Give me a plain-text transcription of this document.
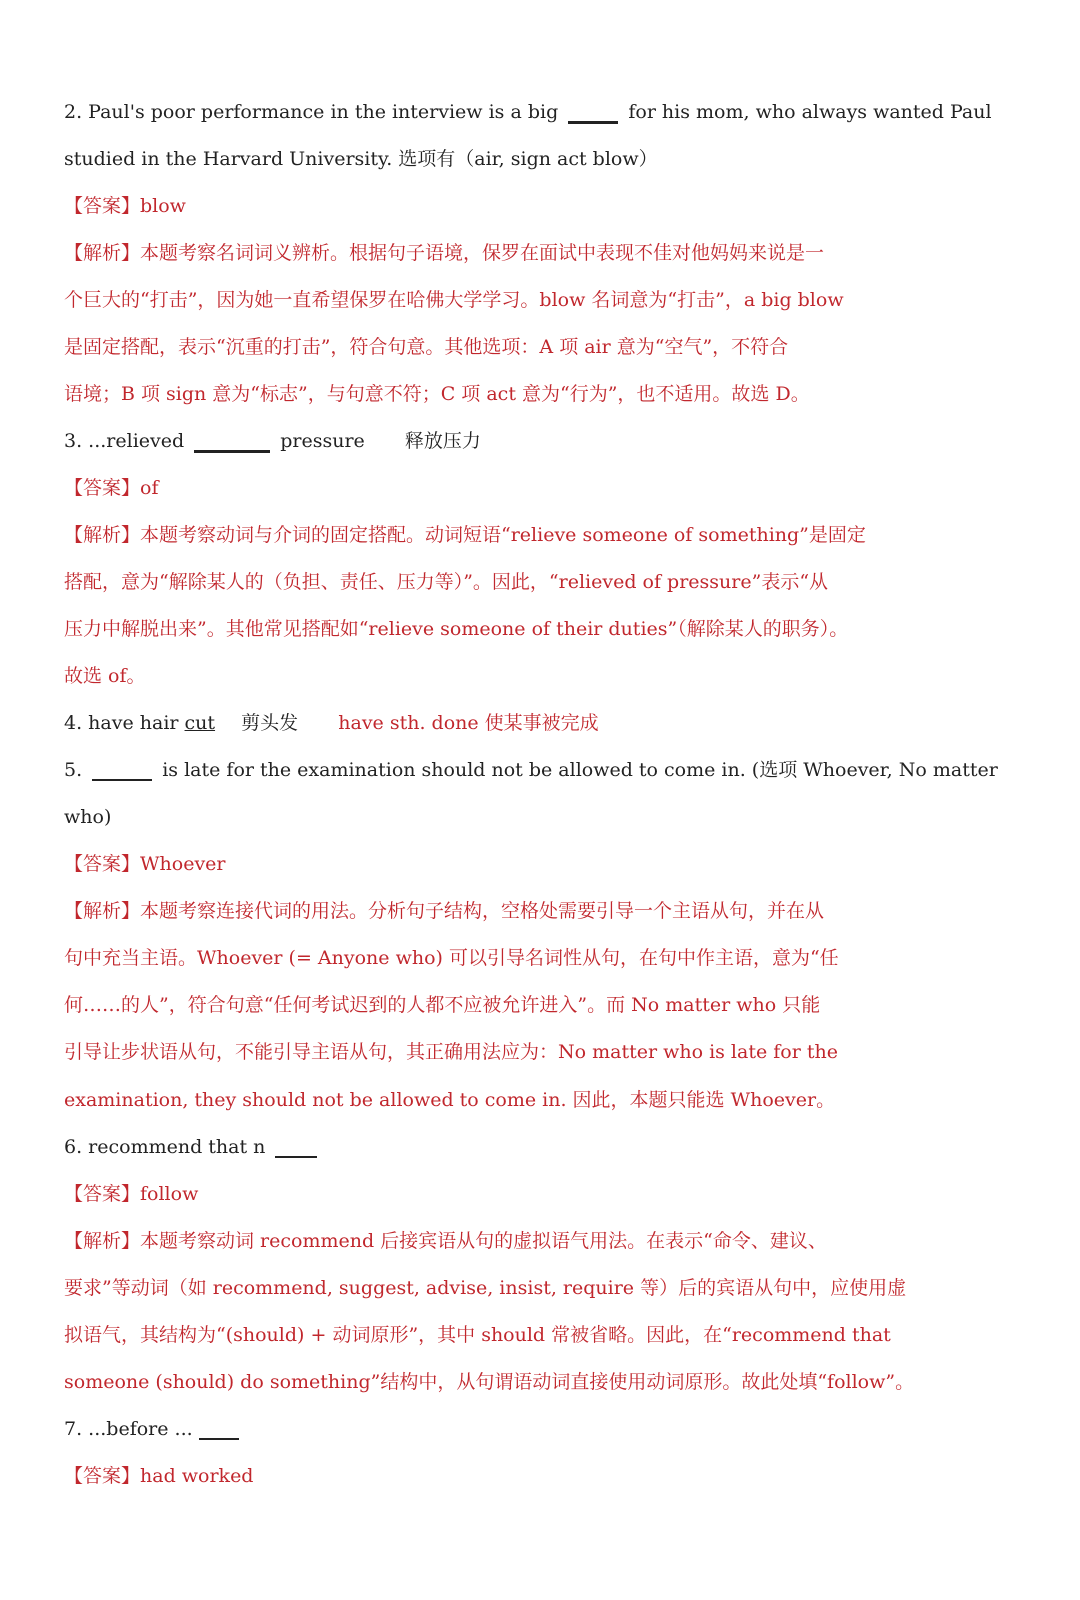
2. Paul's poor performance in the interview is a big	for his mom, who always wanted Paul
studied in the Harvard University. 选项有（air, sign act blow）
【答案】blow
【解析】本题考察名词词义辨析。根据句子语境，保罗在面试中表现不佳对他妈妈来说是一
个巨大的“打击”，因为她一直希望保罗在哈佛大学学习。blow 名词意为“打击”，a big blow
是固定搭配，表示“沉重的打击”，符合句意。其他选项：A 项 air 意为“空气”，不符合
语境；B 项 sign 意为“标志”，与句意不符；C 项 act 意为“行为”，也不适用。故选 D。
3. ...relieved	pressure 释放压力
【答案】of
【解析】本题考察动词与介词的固定搭配。动词短语“relieve someone of something”是固定
搭配，意为“解除某人的（负担、责任、压力等）”。因此，“relieved of pressure”表示“从
压力中解脱出来”。其他常见搭配如“relieve someone of their duties”（解除某人的职务）。
故选 of。
4. have hair cut 剪头发 have sth. done 使某事被完成
5.	is late for the examination should not be allowed to come in. (选项 Whoever, No matter
who)
【答案】Whoever
【解析】本题考察连接代词的用法。分析句子结构，空格处需要引导一个主语从句，并在从
句中充当主语。Whoever (= Anyone who) 可以引导名词性从句，在句中作主语，意为“任
何……的人”，符合句意“任何考试迟到的人都不应被允许进入”。而 No matter who 只能
引导让步状语从句，不能引导主语从句，其正确用法应为：No matter who is late for the
examination, they should not be allowed to come in. 因此，本题只能选 Whoever。
6. recommend that n
【答案】follow
【解析】本题考察动词 recommend 后接宾语从句的虚拟语气用法。在表示“命令、建议、
要求”等动词（如 recommend, suggest, advise, insist, require 等）后的宾语从句中，应使用虚
拟语气，其结构为“(should) + 动词原形”，其中 should 常被省略。因此，在“recommend that
someone (should) do something”结构中，从句谓语动词直接使用动词原形。故此处填“follow”。
7. ...before ...
【答案】had worked
